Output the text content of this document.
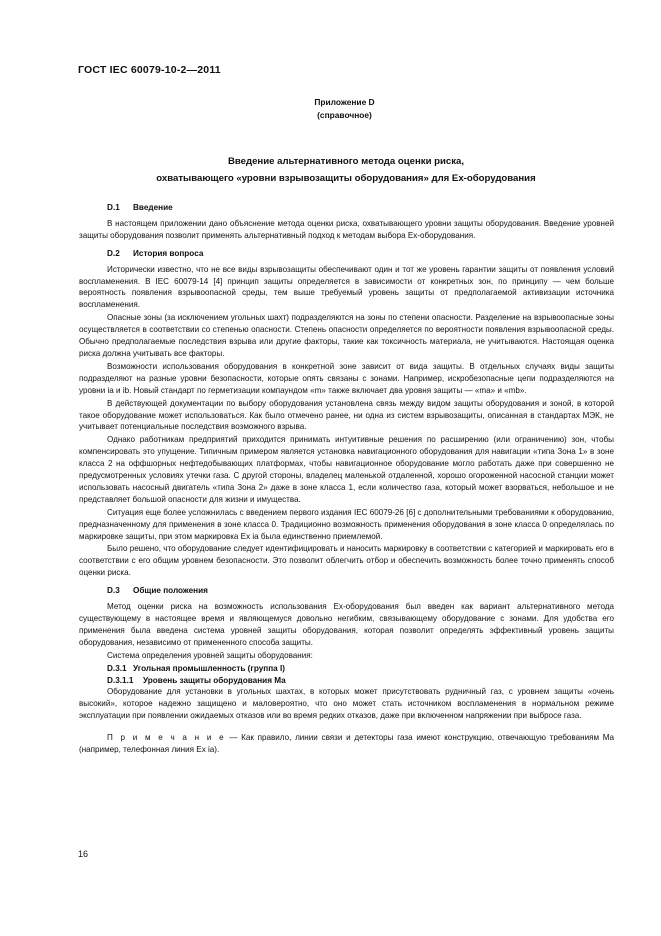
ГОСТ IEC 60079-10-2—2011
Приложение D
(справочное)
Введение альтернативного метода оценки риска,
охватывающего «уровни взрывозащиты оборудования» для Ex-оборудования
D.1 Введение
В настоящем приложении дано объяснение метода оценки риска, охватывающего уровни защиты оборудования. Введение уровней защиты оборудования позволит применять альтернативный подход к методам выбора Ex-оборудования.
D.2 История вопроса
Исторически известно, что не все виды взрывозащиты обеспечивают один и тот же уровень гарантии защиты от появления условий воспламенения. В IEC 60079-14 [4] принцип защиты определяется в зависимости от конкретных зон, по принципу — чем больше вероятность появления взрывоопасной среды, тем выше требуемый уровень защиты от предполагаемой активизации источника воспламенения.
Опасные зоны (за исключением угольных шахт) подразделяются на зоны по степени опасности. Разделение на взрывоопасные зоны осуществляется в соответствии со степенью опасности. Степень опасности определяется по вероятности появления взрывоопасной среды. Обычно предполагаемые последствия взрыва или другие факторы, такие как токсичность материала, не учитываются. Настоящая оценка риска должна учитывать все факторы.
Возможности использования оборудования в конкретной зоне зависит от вида защиты. В отдельных случаях виды защиты подразделяют на разные уровни безопасности, которые опять связаны с зонами. Например, искробезопасные цепи подразделяются на уровни ia и ib. Новый стандарт по герметизации компаундом «m» также включает два уровня защиты — «ma» и «mb».
В действующей документации по выбору оборудования установлена связь между видом защиты оборудования и зоной, в которой такое оборудование может использоваться. Как было отмечено ранее, ни одна из систем взрывозащиты, описанная в стандартах МЭК, не учитывает потенциальные последствия возможного взрыва.
Однако работникам предприятий приходится принимать интуитивные решения по расширению (или ограничению) зон, чтобы компенсировать это упущение. Типичным примером является установка навигационного оборудования для навигации «типа Зона 1» в зоне класса 2 на оффшорных нефтедобывающих платформах, чтобы навигационное оборудование могло работать даже при совершенно не предусмотренных условиях утечки газа. С другой стороны, владелец маленькой отдаленной, хорошо огороженной насосной станции может использовать насосный двигатель «типа Зона 2» даже в зоне класса 1, если количество газа, который может взорваться, небольшое и не представляет большой опасности для жизни и имущества.
Ситуация еще более усложнилась с введением первого издания IEC 60079-26 [6] с дополнительными требованиями к оборудованию, предназначенному для применения в зоне класса 0. Традиционно возможность применения оборудования в зоне класса 0 определялась по маркировке защиты, при этом маркировка Ex ia была единственно приемлемой.
Было решено, что оборудование следует идентифицировать и наносить маркировку в соответствии с категорией и маркировать его в соответствии с его общим уровнем безопасности. Это позволит облегчить отбор и обеспечить возможность более точно применять способ оценки риска.
D.3 Общие положения
Метод оценки риска на возможность использования Ex-оборудования был введен как вариант альтернативного метода существующему в настоящее время и являющемуся довольно негибким, связывающему оборудование с зонами. Для удобства его применения была введена система уровней защиты оборудования, которая позволит определять эффективный уровень защиты оборудования, независимо от примененного способа защиты.
Система определения уровней защиты оборудования:
D.3.1 Угольная промышленность (группа I)
D.3.1.1 Уровень защиты оборудования Ma
Оборудование для установки в угольных шахтах, в которых может присутствовать рудничный газ, с уровнем защиты «очень высокий», которое надежно защищено и маловероятно, что оно может стать источником воспламенения в нормальном режиме эксплуатации при появлении ожидаемых отказов или во время редких отказов, даже при включенном напряжении при выбросе газа.
П р и м е ч а н и е — Как правило, линии связи и детекторы газа имеют конструкцию, отвечающую требованиям Ma (например, телефонная линия Ex ia).
16
